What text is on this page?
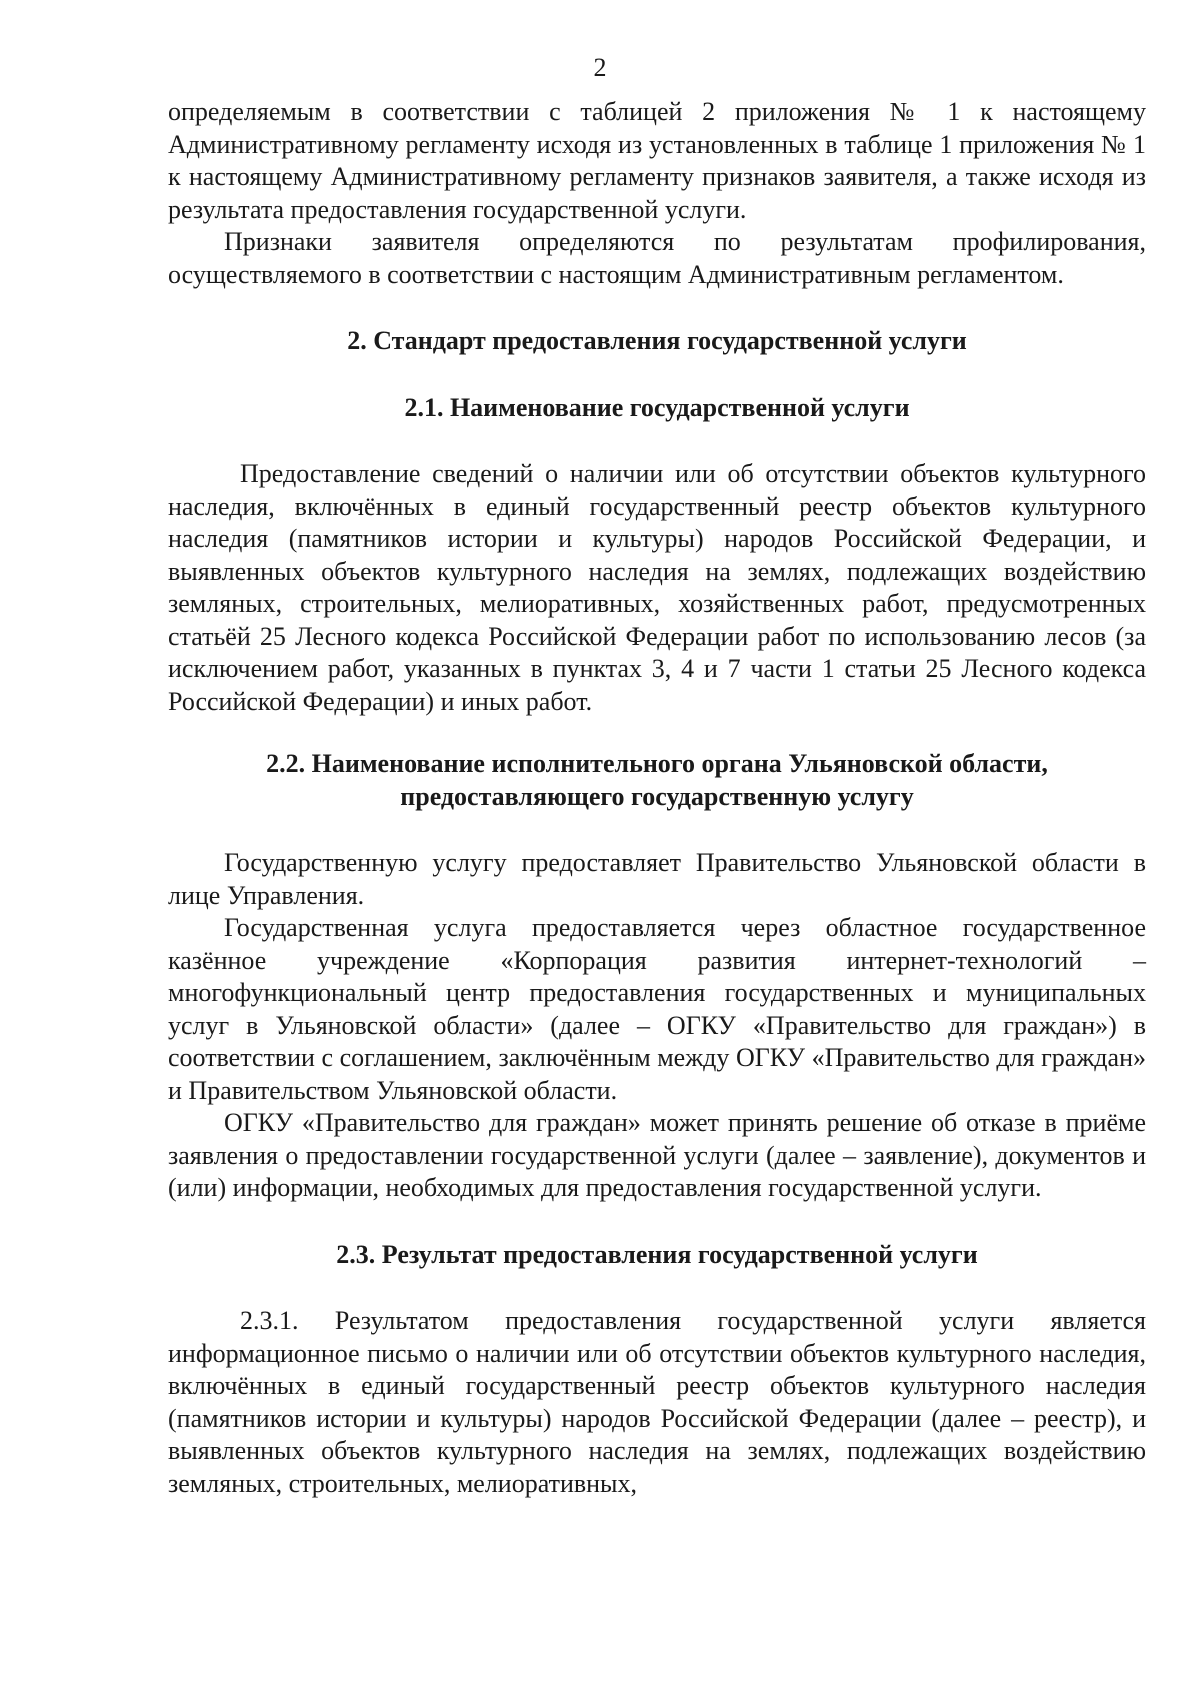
2

определяемым в соответствии с таблицей 2 приложения № 1 к настоящему Административному регламенту исходя из установленных в таблице 1 приложения № 1 к настоящему Административному регламенту признаков заявителя, а также исходя из результата предоставления государственной услуги.

Признаки заявителя определяются по результатам профилирования, осуществляемого в соответствии с настоящим Административным регламентом.

2. Стандарт предоставления государственной услуги
2.1. Наименование государственной услуги

Предоставление сведений о наличии или об отсутствии объектов культурного наследия, включённых в единый государственный реестр объектов культурного наследия (памятников истории и культуры) народов Российской Федерации, и выявленных объектов культурного наследия на землях, подлежащих воздействию земляных, строительных, мелиоративных, хозяйственных работ, предусмотренных статьёй 25 Лесного кодекса Российской Федерации работ по использованию лесов (за исключением работ, указанных в пунктах 3, 4 и 7 части 1 статьи 25 Лесного кодекса Российской Федерации) и иных работ.

2.2. Наименование исполнительного органа Ульяновской области,
предоставляющего государственную услугу

Государственную услугу предоставляет Правительство Ульяновской области в лице Управления.

Государственная услуга предоставляется через областное государственное казённое учреждение «Корпорация развития интернет-технологий – многофункциональный центр предоставления государственных и муниципальных услуг в Ульяновской области» (далее – ОГКУ «Правительство для граждан») в соответствии с соглашением, заключённым между ОГКУ «Правительство для граждан» и Правительством Ульяновской области.

ОГКУ «Правительство для граждан» может принять решение об отказе в приёме заявления о предоставлении государственной услуги (далее – заявление), документов и (или) информации, необходимых для предоставления государственной услуги.

2.3. Результат предоставления государственной услуги

2.3.1. Результатом предоставления государственной услуги является информационное письмо о наличии или об отсутствии объектов культурного наследия, включённых в единый государственный реестр объектов культурного наследия (памятников истории и культуры) народов Российской Федерации (далее – реестр), и выявленных объектов культурного наследия на землях, подлежащих воздействию земляных, строительных, мелиоративных,
